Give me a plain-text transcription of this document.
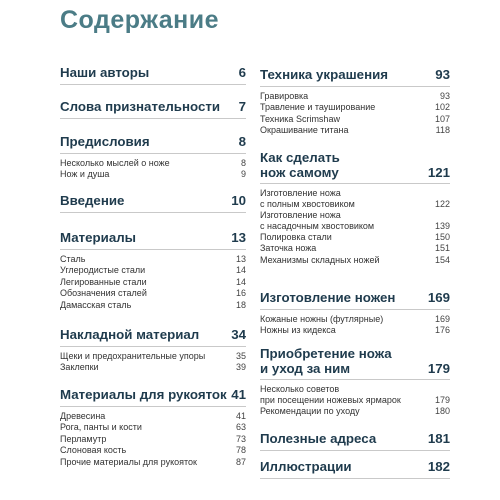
Содержание
Наши авторы	6
Слова признательности 7
Предисловия	8
Несколько мыслей о ноже	8
Нож и душа	9
Введение	10
Материалы	13
Сталь	13
Углеродистые стали	14
Легированные стали	14
Обозначения сталей	16
Дамасская сталь	18
Накладной материал 34
Щеки и предохранительные упоры	35
Заклепки	39
Материалы для рукояток 41
Древесина	41
Рога, панты и кости	63
Перламутр	73
Слоновая кость	78
Прочие материалы для рукояток	87
Техника украшения	93
Гравировка	93
Травление и тауширование	102
Техника Scrimshaw	107
Окрашивание титана	118
Как сделать
нож самому	121
Изготовление ножа
с полным хвостовиком	122
Изготовление ножа
с насадочным хвостовиком	139
Полировка стали	150
Заточка ножа	151
Механизмы складных ножей	154
Изготовление ножен 169
Кожаные ножны (футлярные)	169
Ножны из кидекса	176
Приобретение ножа
и уход за ним	179
Несколько советов
при посещении ножевых ярмарок	179
Рекомендации по уходу	180
Полезные адреса	181
Иллюстрации	182
